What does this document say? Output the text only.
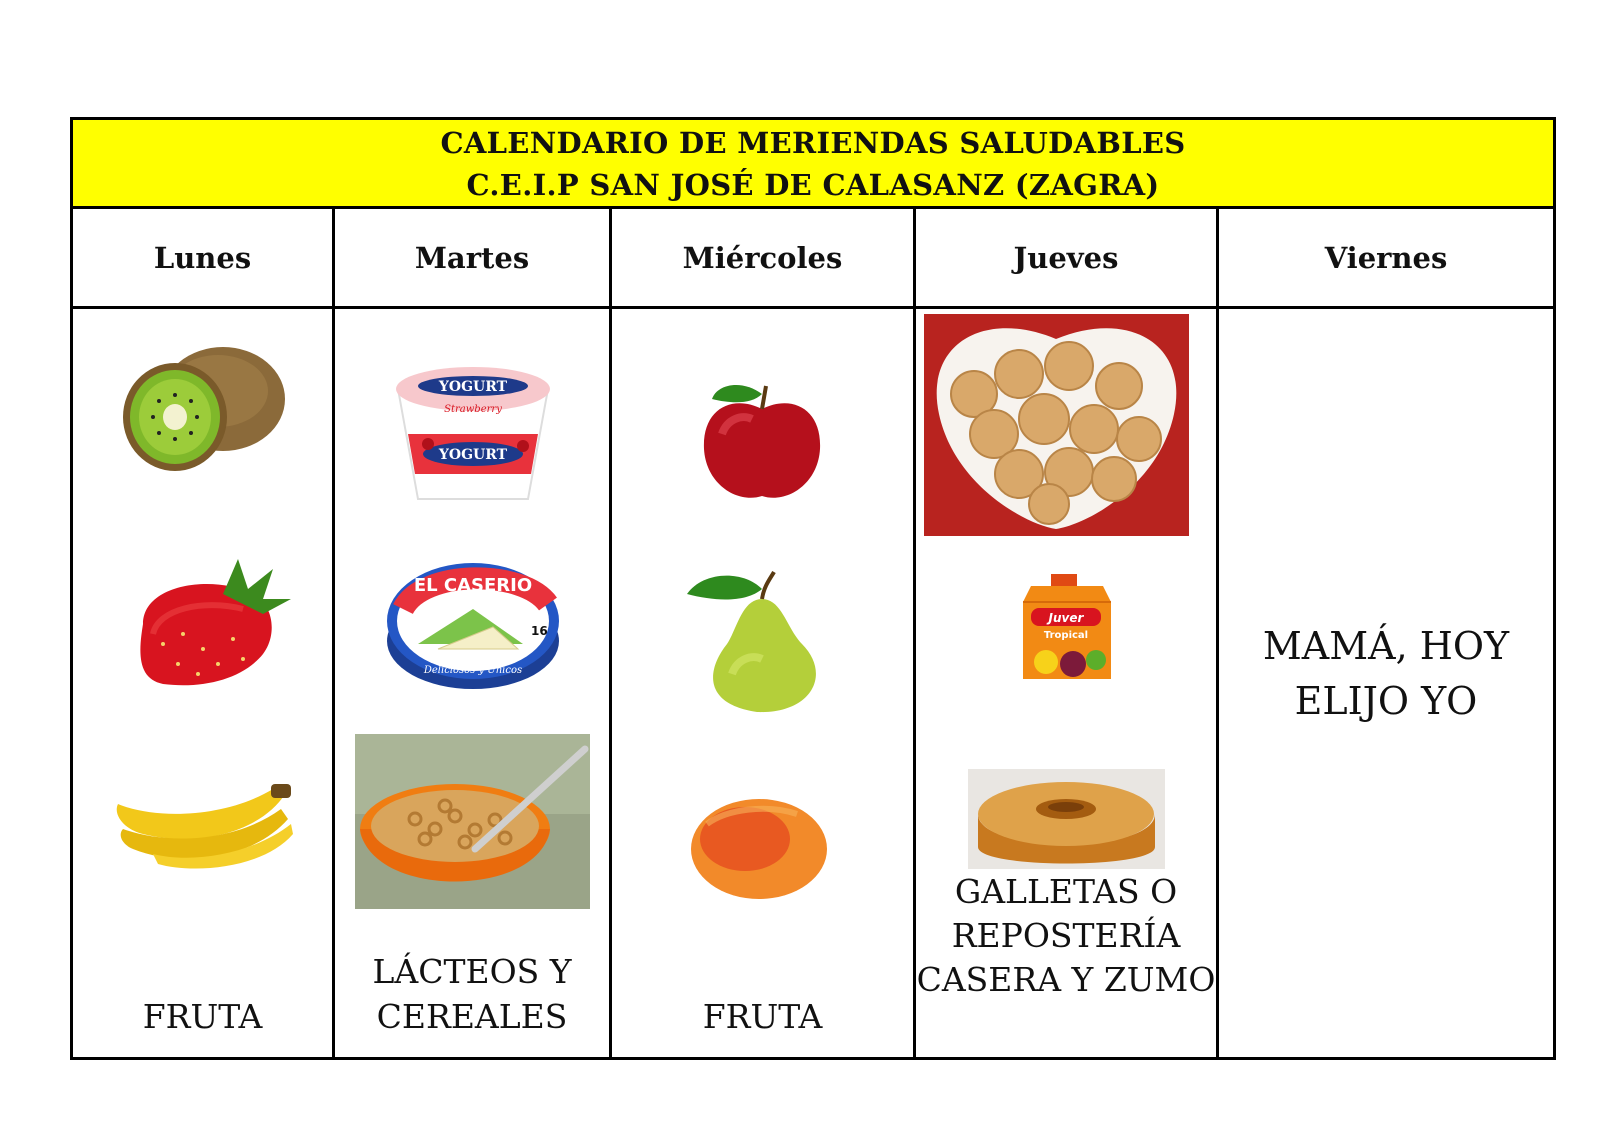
CALENDARIO DE MERIENDAS SALUDABLES
C.E.I.P SAN JOSÉ DE CALASANZ (ZAGRA)
Lunes
FRUTA
Martes
YOGURT
Strawberry
YOGURT
EL CASERIO
Deliciosos y Únicos
16
LÁCTEOS Y
CEREALES
Miércoles
FRUTA
Jueves
Juver
Tropical
GALLETAS O
REPOSTERÍA
CASERA Y ZUMO
Viernes
MAMÁ, HOY
ELIJO YO
